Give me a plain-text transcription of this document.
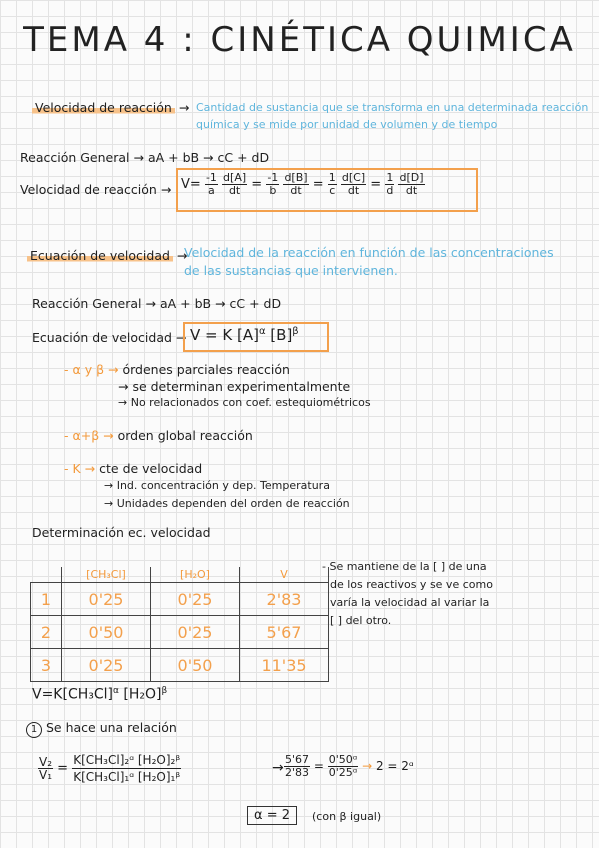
TEMA 4 : CINÉTICA QUIMICA
Velocidad de reacción → Cantidad de sustancia que se transforma en una determinada reacción
química y se mide por unidad de volumen y de tiempo
Reacción General → aA + bB → cC + dD
Velocidad de reacción → $V= \frac{-1}{a}$
$\frac{d[A]}{dt} = \frac{-1}{b}$
$\frac{d[B]}{dt} = \frac{1}{c}$
$\frac{d[C]}{dt} = \frac{1}{d}$
$\frac{d[D]}{dt}$
Ecuación de velocidad →
Velocidad de la reacción en función de las concentraciones
de las sustancias que intervienen.
Reacción General → aA + bB → cC + dD
Ecuación de velocidad → V = K $[A]^\alpha$ $[B]^\beta$
- α y β → órdenes parciales reacción
→ se determinan experimentalmente
→ No relacionados con coef. estequiométricos
- α+β → orden global reacción
- K → cte de velocidad
→ Ind. concentración y dep. Temperatura
→ Unidades dependen del orden de reacción
Determinación ec. velocidad
	[CH₃Cl]	[H₂O]	V
1	0'25	0'25	2'83
2	0'50	0'25	5'67
3	0'25	0'50	11'35
- Se mantiene de la [ ] de una
de los reactivos y se ve como
varía la velocidad al variar la
[ ] del otro.
$V=K[CH_3Cl]^\alpha$ $[H_2O]^\beta$
1 Se hace una relación
$\frac{\text{V₂}}{\text{V₁}} = \frac{\text{K[CH₃Cl]₂ᵅ [H₂O]₂ᵝ}}{\text{K[CH₃Cl]₁ᵅ [H₂O]₁ᵝ}}$	→ $\frac{5'67}{2'83} = \frac{\text{0'50ᵅ}}{\text{0'25ᵅ}} \to 2$ = 2ᵅ
α = 2	(con β igual)
